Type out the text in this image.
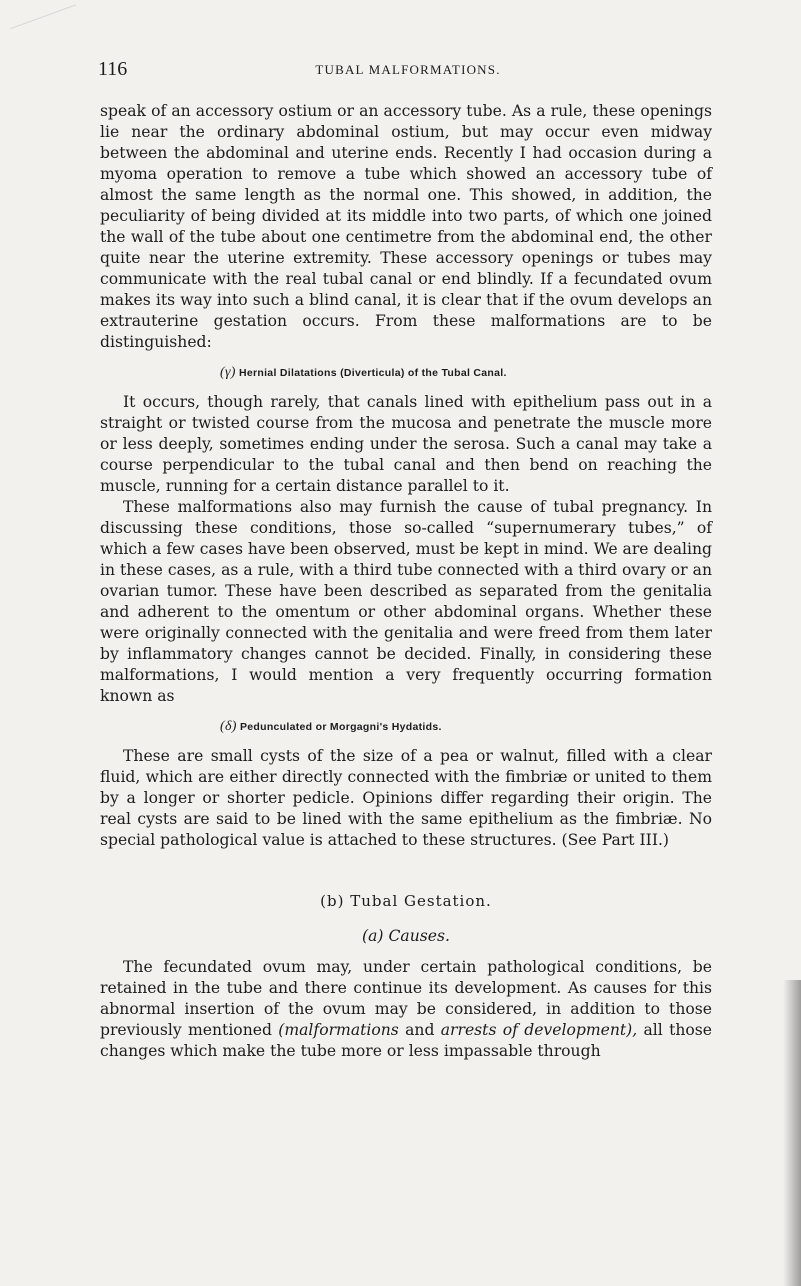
116	TUBAL MALFORMATIONS.

speak of an accessory ostium or an accessory tube. As a rule, these openings lie near the ordinary abdominal ostium, but may occur even midway between the abdominal and uterine ends. Recently I had occasion during a myoma operation to remove a tube which showed an accessory tube of almost the same length as the normal one. This showed, in addition, the peculiarity of being divided at its middle into two parts, of which one joined the wall of the tube about one centimetre from the abdominal end, the other quite near the uterine extremity. These accessory openings or tubes may communicate with the real tubal canal or end blindly. If a fecundated ovum makes its way into such a blind canal, it is clear that if the ovum develops an extrauterine gestation occurs. From these malformations are to be distinguished:

(γ) Hernial Dilatations (Diverticula) of the Tubal Canal.

It occurs, though rarely, that canals lined with epithelium pass out in a straight or twisted course from the mucosa and penetrate the muscle more or less deeply, sometimes ending under the serosa. Such a canal may take a course perpendicular to the tubal canal and then bend on reaching the muscle, running for a certain distance parallel to it.

These malformations also may furnish the cause of tubal pregnancy. In discussing these conditions, those so-called “supernumerary tubes,” of which a few cases have been observed, must be kept in mind. We are dealing in these cases, as a rule, with a third tube connected with a third ovary or an ovarian tumor. These have been described as separated from the genitalia and adherent to the omentum or other abdominal organs. Whether these were originally connected with the genitalia and were freed from them later by inflammatory changes cannot be decided. Finally, in considering these malformations, I would mention a very frequently occurring formation known as

(δ) Pedunculated or Morgagni's Hydatids.

These are small cysts of the size of a pea or walnut, filled with a clear fluid, which are either directly connected with the fimbriæ or united to them by a longer or shorter pedicle. Opinions differ regarding their origin. The real cysts are said to be lined with the same epithelium as the fimbriæ. No special pathological value is attached to these structures. (See Part III.)

(b) Tubal Gestation.
(a) Causes.

The fecundated ovum may, under certain pathological conditions, be retained in the tube and there continue its development. As causes for this abnormal insertion of the ovum may be considered, in addition to those previously mentioned (malformations and arrests of development), all those changes which make the tube more or less impassable through
